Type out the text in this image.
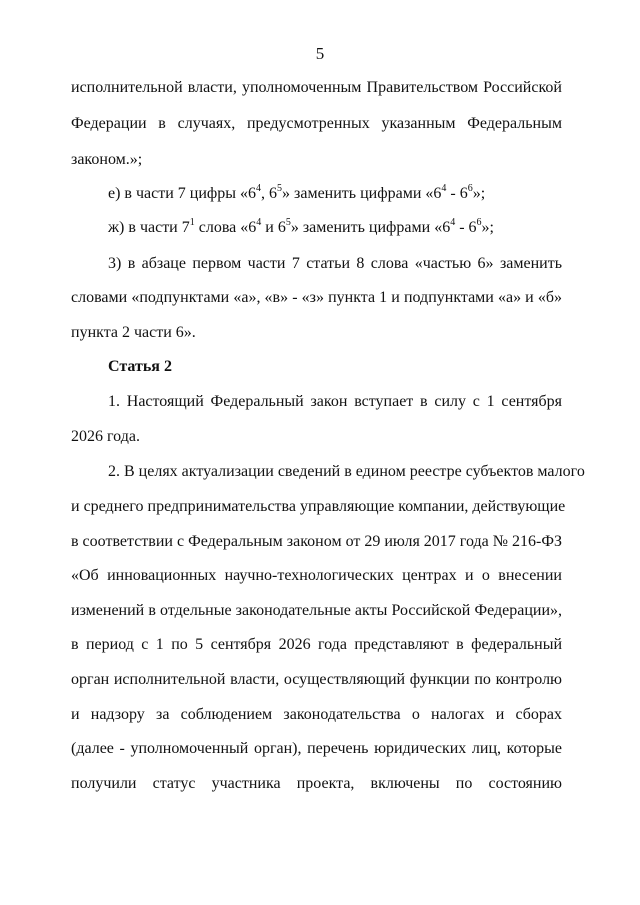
5
исполнительной власти, уполномоченным Правительством Российской
Федерации в случаях, предусмотренных указанным Федеральным
законом.»;
е) в части 7 цифры «$6^4$, $6^5$» заменить цифрами «$6^4 - 6^6$»;
ж) в части $7^1$ слова «$6^4$ и $6^5$» заменить цифрами «$6^4 - 6^6$»;
3) в абзаце первом части 7 статьи 8 слова «частью 6» заменить
словами «подпунктами «а», «в» - «з» пункта 1 и подпунктами «а» и «б»
пункта 2 части 6».
Статья 2
1. Настоящий Федеральный закон вступает в силу с 1 сентября
2026 года.
2. В целях актуализации сведений в едином реестре субъектов малого
и среднего предпринимательства управляющие компании, действующие
в соответствии с Федеральным законом от 29 июля 2017 года № 216-ФЗ
«Об инновационных научно-технологических центрах и о внесении
изменений в отдельные законодательные акты Российской Федерации»,
в период с 1 по 5 сентября 2026 года представляют в федеральный
орган исполнительной власти, осуществляющий функции по контролю
и надзору за соблюдением законодательства о налогах и сборах
(далее - уполномоченный орган), перечень юридических лиц, которые
получили статус участника проекта, включены по состоянию
